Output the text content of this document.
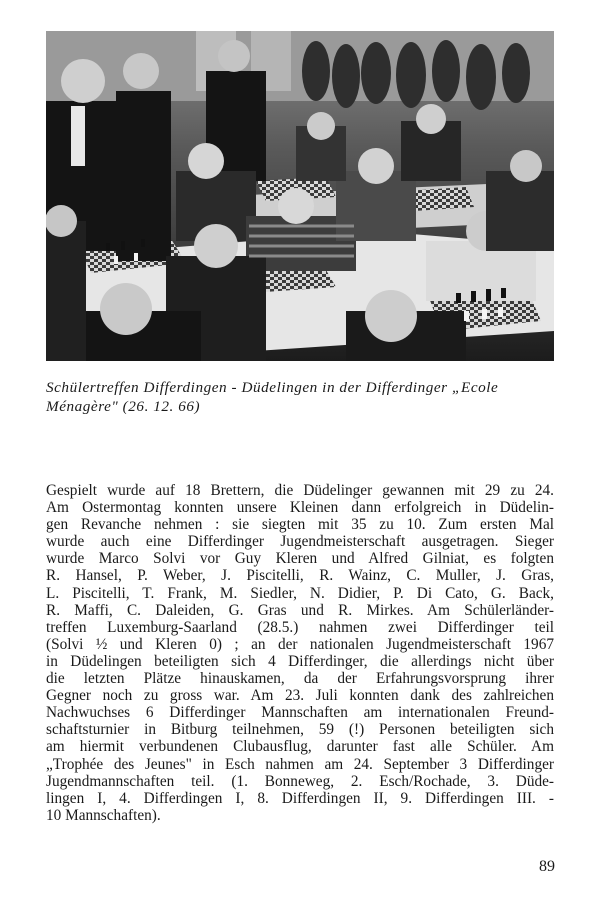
Schülertreffen Differdingen - Düdelingen in der Differdinger „Ecole
Ménagère" (26. 12. 66)

Gespielt wurde auf 18 Brettern, die Düdelinger gewannen mit 29 zu 24.
Am Ostermontag konnten unsere Kleinen dann erfolgreich in Düdelin-
gen Revanche nehmen : sie siegten mit 35 zu 10. Zum ersten Mal
wurde auch eine Differdinger Jugendmeisterschaft ausgetragen. Sieger
wurde Marco Solvi vor Guy Kleren und Alfred Gilniat, es folgten
R. Hansel, P. Weber, J. Piscitelli, R. Wainz, C. Muller, J. Gras,
L. Piscitelli, T. Frank, M. Siedler, N. Didier, P. Di Cato, G. Back,
R. Maffi, C. Daleiden, G. Gras und R. Mirkes. Am Schülerländer-
treffen Luxemburg-Saarland (28.5.) nahmen zwei Differdinger teil
(Solvi ½ und Kleren 0) ; an der nationalen Jugendmeisterschaft 1967
in Düdelingen beteiligten sich 4 Differdinger, die allerdings nicht über
die letzten Plätze hinauskamen, da der Erfahrungsvorsprung ihrer
Gegner noch zu gross war. Am 23. Juli konnten dank des zahlreichen
Nachwuchses 6 Differdinger Mannschaften am internationalen Freund-
schaftsturnier in Bitburg teilnehmen, 59 (!) Personen beteiligten sich
am hiermit verbundenen Clubausflug, darunter fast alle Schüler. Am
„Trophée des Jeunes" in Esch nahmen am 24. September 3 Differdinger
Jugendmannschaften teil. (1. Bonneweg, 2. Esch/Rochade, 3. Düde-
lingen I, 4. Differdingen I, 8. Differdingen II, 9. Differdingen III. -
10 Mannschaften).
89
